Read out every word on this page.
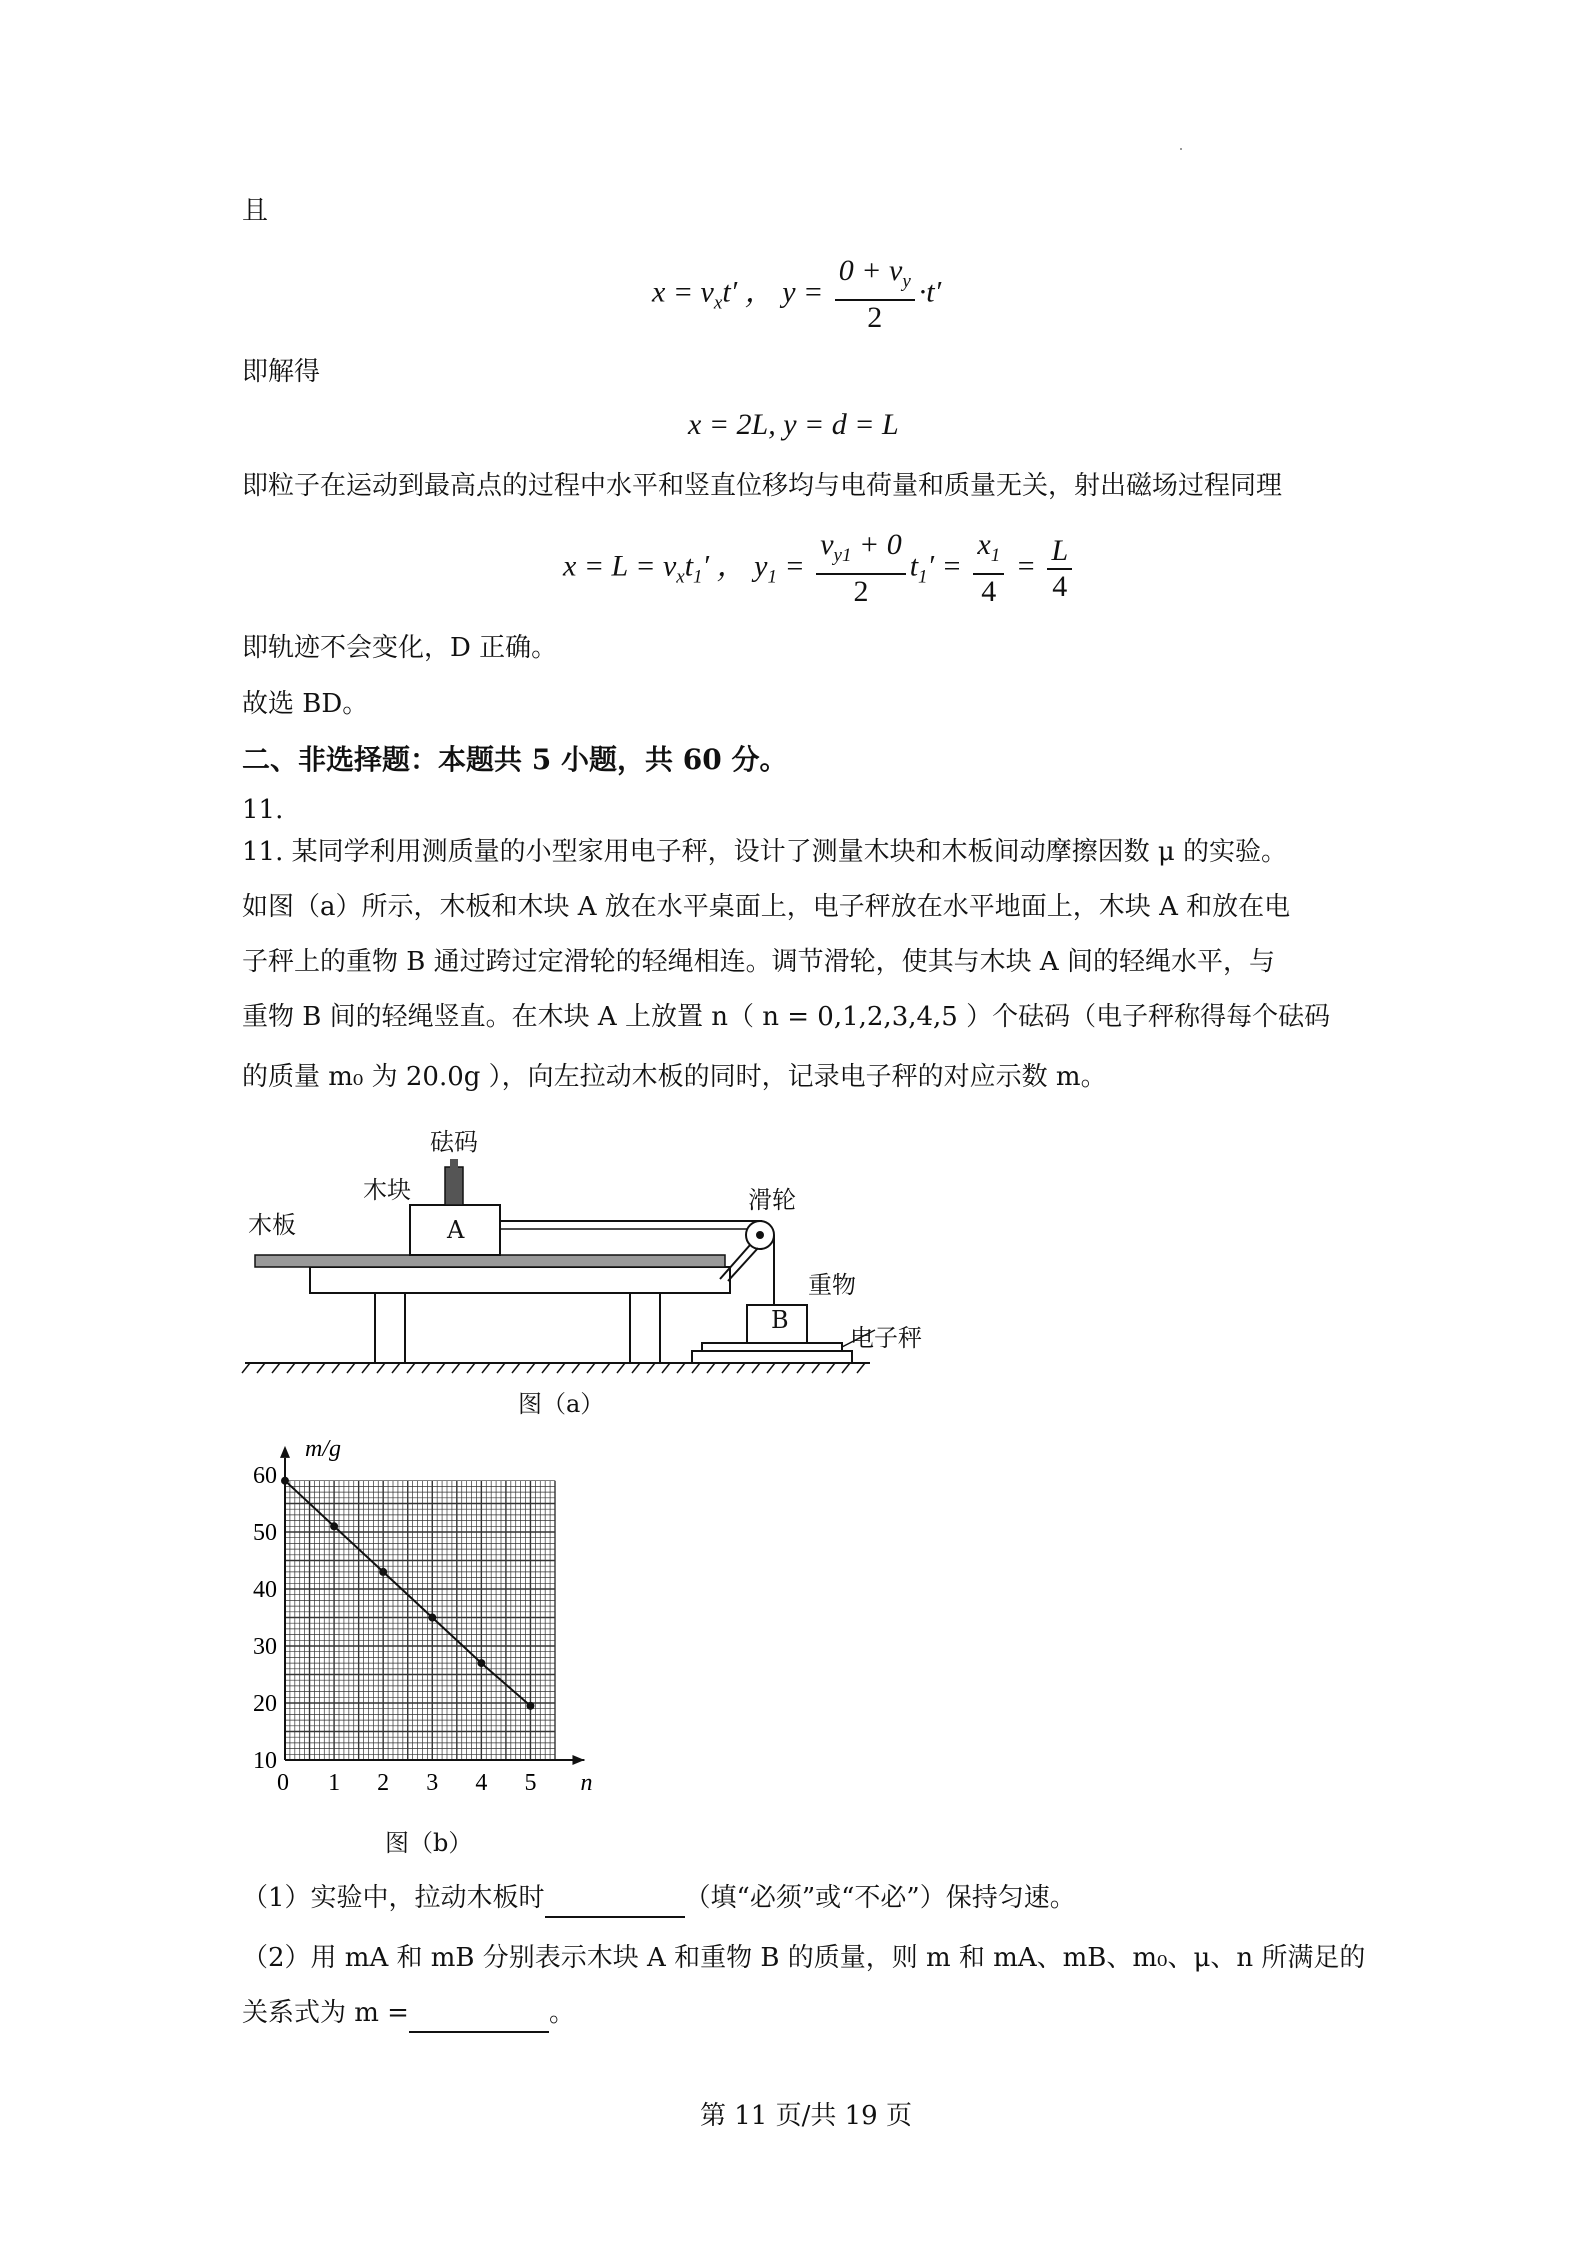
且
$x = v_xt'$ ， $y = \frac{0 + v_y}{2} \cdot t'$
即解得
x = 2L, y = d = L
即粒子在运动到最高点的过程中水平和竖直位移均与电荷量和质量无关，射出磁场过程同理
$x = L = v_xt_1'$ ， $y_1 = \frac{v_{y1} + 0}{2} t_1' = \frac{x_1}{4} = \frac{L}{4}$
即轨迹不会变化，D 正确。
故选 BD。
二、非选择题：本题共 5 小题，共 60 分。
11.
11. 某同学利用测质量的小型家用电子秤，设计了测量木块和木板间动摩擦因数 μ 的实验。
如图（a）所示，木板和木块 A 放在水平桌面上，电子秤放在水平地面上，木块 A 和放在电
子秤上的重物 B 通过跨过定滑轮的轻绳相连。调节滑轮，使其与木块 A 间的轻绳水平，与
重物 B 间的轻绳竖直。在木块 A 上放置 n（ n = 0,1,2,3,4,5 ）个砝码（电子秤称得每个砝码
的质量 m₀ 为 20.0g ），向左拉动木板的同时，记录电子秤的对应示数 m。
砝码
木块
木板
滑轮
重物
电子秤
A
B
图（a）
0 1 2 3 4 5
10
20
30
40
50
60
n
m/g
图（b）
（1）实验中，拉动木板时	（填“必须”或“不必”）保持匀速。
（2）用 mA 和 mB 分别表示木块 A 和重物 B 的质量，则 m 和 mA、mB、m₀、μ、n 所满足的
关系式为 m =	。
第 11 页/共 19 页
